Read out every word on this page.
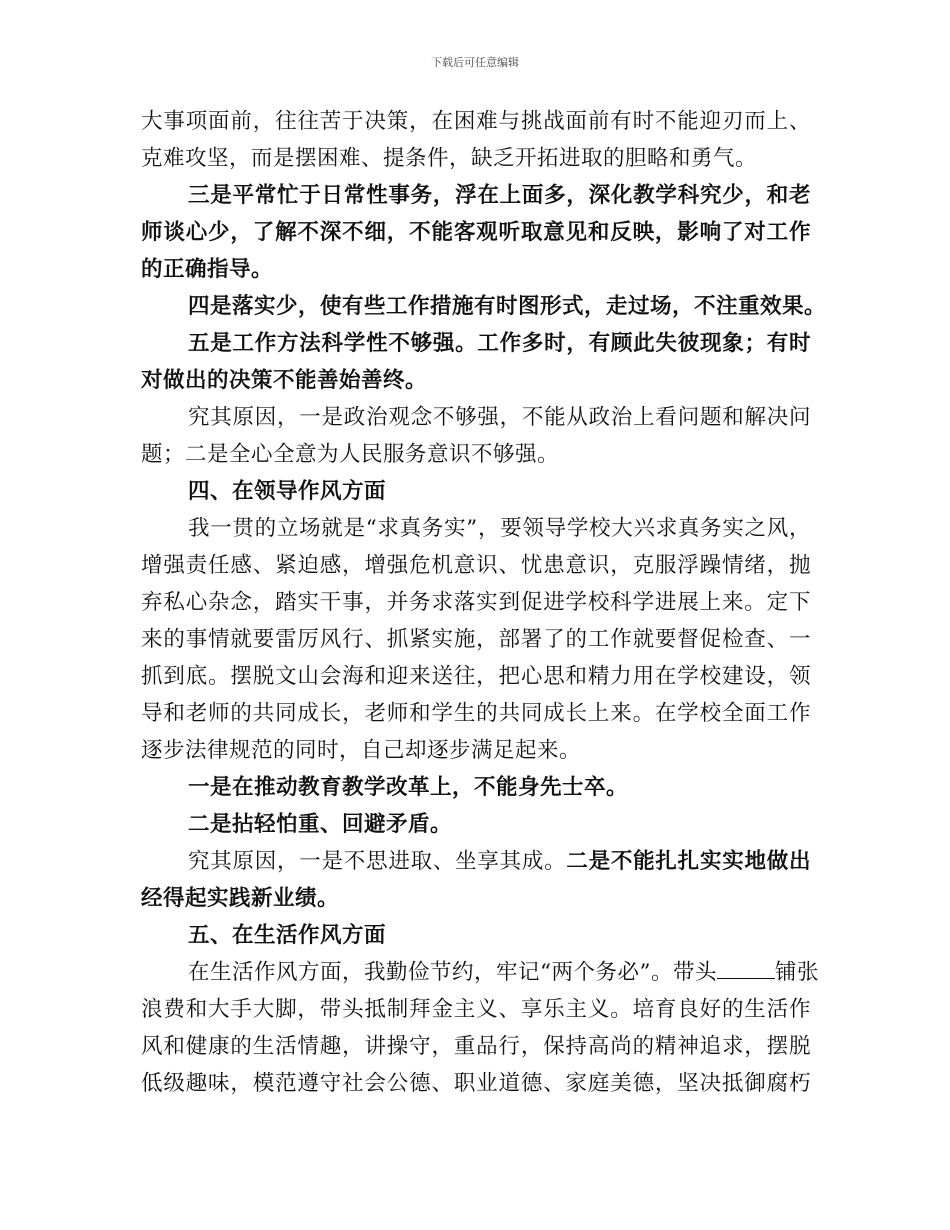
下载后可任意编辑
大事项面前，往往苦于决策，在困难与挑战面前有时不能迎刃而上、
克难攻坚，而是摆困难、提条件，缺乏开拓进取的胆略和勇气。
三是平常忙于日常性事务，浮在上面多，深化教学科究少，和老
师谈心少，了解不深不细，不能客观听取意见和反映，影响了对工作
的正确指导。
四是落实少，使有些工作措施有时图形式，走过场，不注重效果。
五是工作方法科学性不够强。工作多时，有顾此失彼现象；有时
对做出的决策不能善始善终。
究其原因，一是政治观念不够强，不能从政治上看问题和解决问
题；二是全心全意为人民服务意识不够强。
四、在领导作风方面
我一贯的立场就是“求真务实”，要领导学校大兴求真务实之风，
增强责任感、紧迫感，增强危机意识、忧患意识，克服浮躁情绪，抛
弃私心杂念，踏实干事，并务求落实到促进学校科学进展上来。定下
来的事情就要雷厉风行、抓紧实施，部署了的工作就要督促检查、一
抓到底。摆脱文山会海和迎来送往，把心思和精力用在学校建设，领
导和老师的共同成长，老师和学生的共同成长上来。在学校全面工作
逐步法律规范的同时，自己却逐步满足起来。
一是在推动教育教学改革上，不能身先士卒。
二是拈轻怕重、回避矛盾。
究其原因，一是不思进取、坐享其成。二是不能扎扎实实地做出
经得起实践新业绩。
五、在生活作风方面
在生活作风方面，我勤俭节约，牢记“两个务必”。带头	铺张
浪费和大手大脚，带头抵制拜金主义、享乐主义。培育良好的生活作
风和健康的生活情趣，讲操守，重品行，保持高尚的精神追求，摆脱
低级趣味，模范遵守社会公德、职业道德、家庭美德，坚决抵御腐朽
